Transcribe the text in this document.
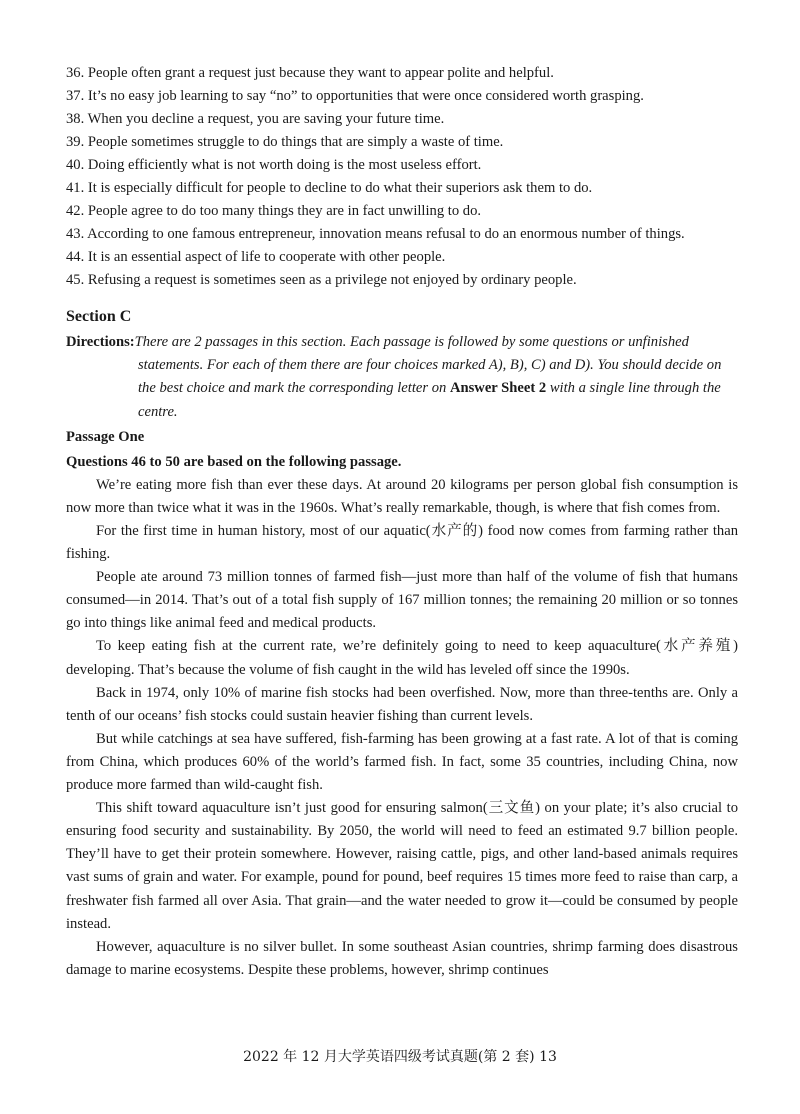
36. People often grant a request just because they want to appear polite and helpful.
37. It’s no easy job learning to say “no” to opportunities that were once considered worth grasping.
38. When you decline a request, you are saving your future time.
39. People sometimes struggle to do things that are simply a waste of time.
40. Doing efficiently what is not worth doing is the most useless effort.
41. It is especially difficult for people to decline to do what their superiors ask them to do.
42. People agree to do too many things they are in fact unwilling to do.
43. According to one famous entrepreneur, innovation means refusal to do an enormous number of things.
44. It is an essential aspect of life to cooperate with other people.
45. Refusing a request is sometimes seen as a privilege not enjoyed by ordinary people.
Section C
Directions:There are 2 passages in this section. Each passage is followed by some questions or unfinished statements. For each of them there are four choices marked A), B), C) and D). You should decide on the best choice and mark the corresponding letter on Answer Sheet 2 with a single line through the centre.
Passage One
Questions 46 to 50 are based on the following passage.
We’re eating more fish than ever these days. At around 20 kilograms per person global fish consumption is now more than twice what it was in the 1960s. What’s really remarkable, though, is where that fish comes from.
For the first time in human history, most of our aquatic(水产的) food now comes from farming rather than fishing.
People ate around 73 million tonnes of farmed fish—just more than half of the volume of fish that humans consumed—in 2014. That’s out of a total fish supply of 167 million tonnes; the remaining 20 million or so tonnes go into things like animal feed and medical products.
To keep eating fish at the current rate, we’re definitely going to need to keep aquaculture(水产养殖) developing. That’s because the volume of fish caught in the wild has leveled off since the 1990s.
Back in 1974, only 10% of marine fish stocks had been overfished. Now, more than three-tenths are. Only a tenth of our oceans’ fish stocks could sustain heavier fishing than current levels.
But while catchings at sea have suffered, fish-farming has been growing at a fast rate. A lot of that is coming from China, which produces 60% of the world’s farmed fish. In fact, some 35 countries, including China, now produce more farmed than wild-caught fish.
This shift toward aquaculture isn’t just good for ensuring salmon(三文鱼) on your plate; it’s also crucial to ensuring food security and sustainability. By 2050, the world will need to feed an estimated 9.7 billion people. They’ll have to get their protein somewhere. However, raising cattle, pigs, and other land-based animals requires vast sums of grain and water. For example, pound for pound, beef requires 15 times more feed to raise than carp, a freshwater fish farmed all over Asia. That grain—and the water needed to grow it—could be consumed by people instead.
However, aquaculture is no silver bullet. In some southeast Asian countries, shrimp farming does disastrous damage to marine ecosystems. Despite these problems, however, shrimp continues
2022 年 12 月大学英语四级考试真题(第 2 套) 13
